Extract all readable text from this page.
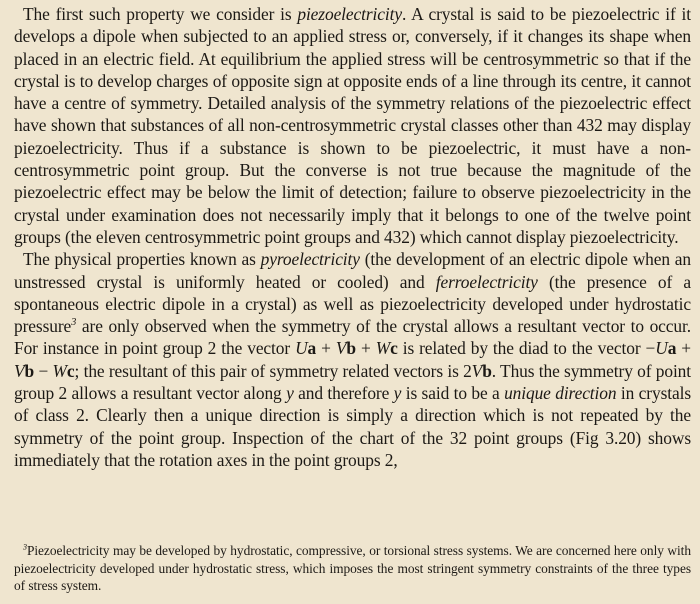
The first such property we consider is piezoelectricity. A crystal is said to be piezoelectric if it develops a dipole when subjected to an applied stress or, conversely, if it changes its shape when placed in an electric field. At equilibrium the applied stress will be centrosymmetric so that if the crystal is to develop charges of opposite sign at opposite ends of a line through its centre, it cannot have a centre of symmetry. Detailed analysis of the symmetry relations of the piezoelectric effect have shown that substances of all non-centrosymmetric crystal classes other than 432 may display piezoelectricity. Thus if a substance is shown to be piezoelectric, it must have a non-centrosymmetric point group. But the converse is not true because the magnitude of the piezoelectric effect may be below the limit of detection; failure to observe piezoelectricity in the crystal under examination does not necessarily imply that it belongs to one of the twelve point groups (the eleven centrosymmetric point groups and 432) which cannot display piezoelectricity.

The physical properties known as pyroelectricity (the development of an electric dipole when an unstressed crystal is uniformly heated or cooled) and ferroelectricity (the presence of a spontaneous electric dipole in a crystal) as well as piezoelectricity developed under hydrostatic pressure$^3$ are only observed when the symmetry of the crystal allows a resultant vector to occur. For instance in point group 2 the vector Ua + Vb + Wc is related by the diad to the vector −Ua + Vb − Wc; the resultant of this pair of symmetry related vectors is 2Vb. Thus the symmetry of point group 2 allows a resultant vector along y and therefore y is said to be a unique direction in crystals of class 2. Clearly then a unique direction is simply a direction which is not repeated by the symmetry of the point group. Inspection of the chart of the 32 point groups (Fig 3.20) shows immediately that the rotation axes in the point groups 2,

$^3$Piezoelectricity may be developed by hydrostatic, compressive, or torsional stress systems. We are concerned here only with piezoelectricity developed under hydrostatic stress, which imposes the most stringent symmetry constraints of the three types of stress system.
